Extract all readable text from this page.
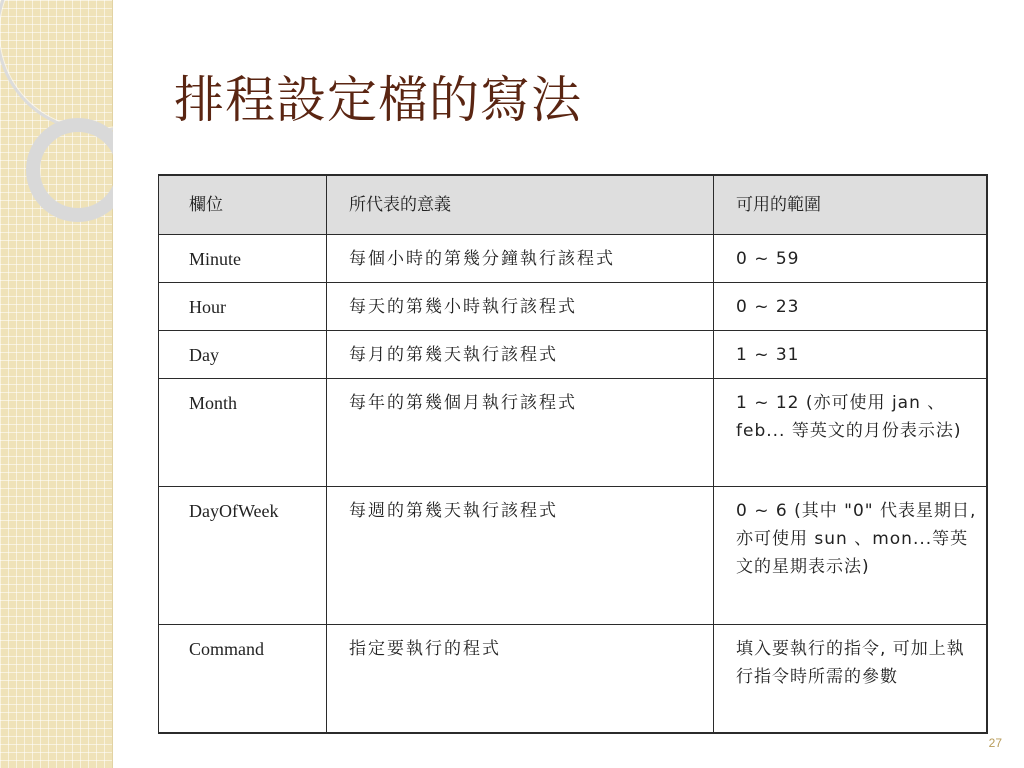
排程設定檔的寫法
欄位	所代表的意義	可用的範圍
Minute	每個小時的第幾分鐘執行該程式	0 ~ 59
Hour	每天的第幾小時執行該程式	0 ~ 23
Day	每月的第幾天執行該程式	1 ~ 31
Month	每年的第幾個月執行該程式	1 ~ 12 (亦可使用 jan 、feb... 等英文的月份表示法)
DayOfWeek	每週的第幾天執行該程式	0 ~ 6 (其中 "0" 代表星期日, 亦可使用 sun 、mon...等英文的星期表示法)
Command	指定要執行的程式	填入要執行的指令, 可加上執行指令時所需的參數
27
